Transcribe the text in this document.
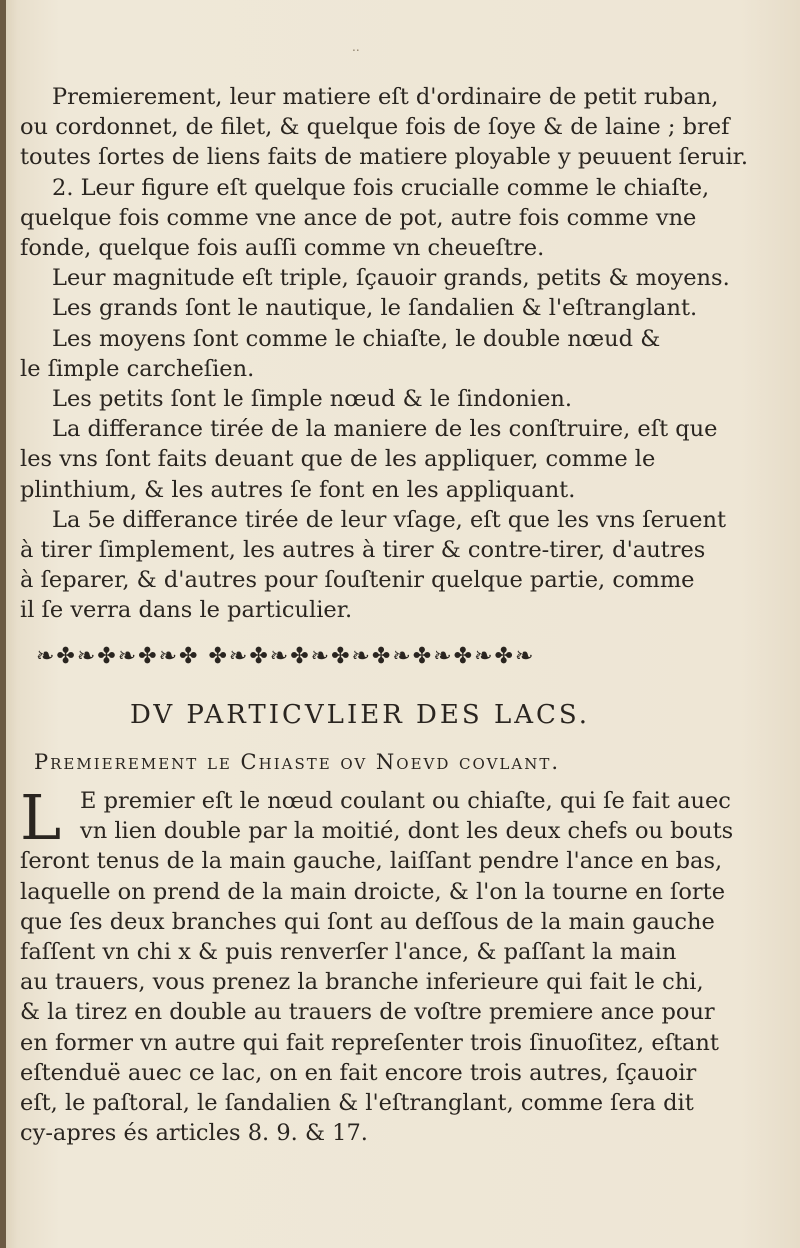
..
Premierement, leur matiere eſt d'ordinaire de petit ruban,
ou cordonnet, de filet, & quelque fois de ſoye & de laine ; bref
toutes ſortes de liens faits de matiere ployable y peuuent ſeruir.
2. Leur figure eſt quelque fois crucialle comme le chiaſte,
quelque fois comme vne ance de pot, autre fois comme vne
fonde, quelque fois auſſi comme vn cheueſtre.
Leur magnitude eſt triple, ſçauoir grands, petits & moyens.
Les grands ſont le nautique, le ſandalien & l'eſtranglant.
Les moyens ſont comme le chiaſte, le double nœud &
le ſimple carcheſien.
Les petits ſont le ſimple nœud & le ſindonien.
La differance tirée de la maniere de les conſtruire, eſt que
les vns ſont faits deuant que de les appliquer, comme le
plinthium, & les autres ſe font en les appliquant.
La 5e differance tirée de leur vſage, eſt que les vns ſeruent
à tirer ſimplement, les autres à tirer & contre-tirer, d'autres
à ſeparer, & d'autres pour ſouſtenir quelque partie, comme
il ſe verra dans le particulier.
❧✤❧✤❧✤❧✤ ✤❧✤❧✤❧✤❧✤❧✤❧✤❧✤❧
DV PARTICVLIER DES LACS.
Premierement le Chiaste ov Noevd covlant.
L E premier eſt le nœud coulant ou chiaſte, qui ſe fait auec
vn lien double par la moitié, dont les deux chefs ou bouts
ſeront tenus de la main gauche, laiſſant pendre l'ance en bas,
laquelle on prend de la main droicte, & l'on la tourne en ſorte
que ſes deux branches qui ſont au deſſous de la main gauche
faſſent vn chi x & puis renverſer l'ance, & paſſant la main
au trauers, vous prenez la branche inferieure qui fait le chi,
& la tirez en double au trauers de voſtre premiere ance pour
en former vn autre qui fait repreſenter trois ſinuoſitez, eſtant
eſtenduë auec ce lac, on en fait encore trois autres, ſçauoir
eſt, le paſtoral, le ſandalien & l'eſtranglant, comme ſera dit
cy-apres és articles 8. 9. & 17.
